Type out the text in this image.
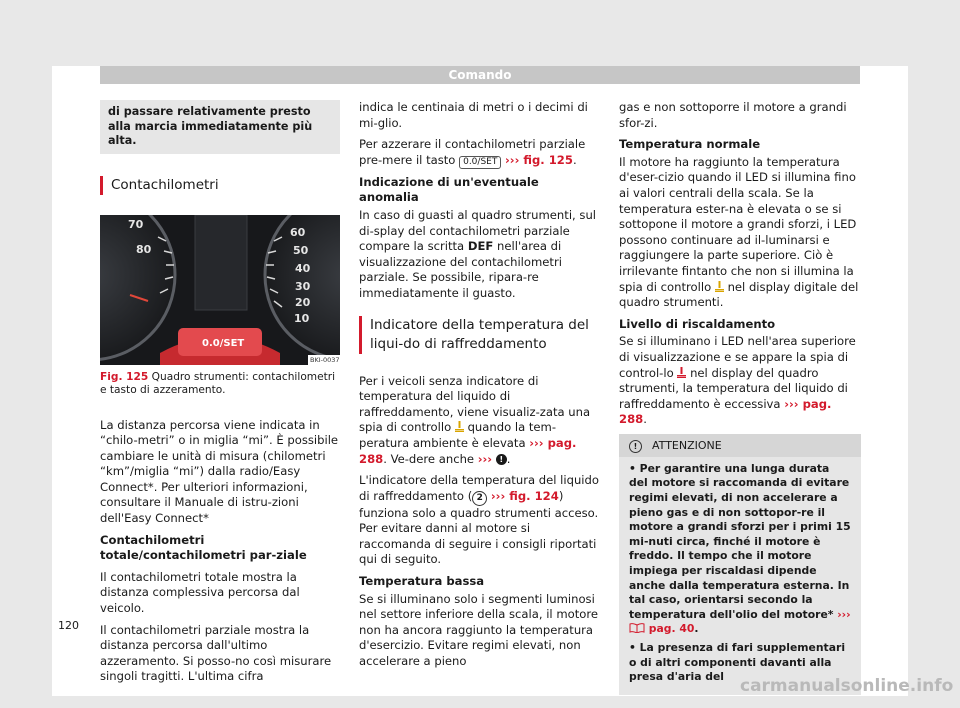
Comando
di passare relativamente presto alla marcia immediatamente più alta.
Contachilometri
70
80
60
50
40
30
20
10
0.0/SET
BKI-0037
Fig. 125 Quadro strumenti: contachilometri e tasto di azzeramento.

La distanza percorsa viene indicata in “chilo-metri” o in miglia “mi”. È possibile cambiare le unità di misura (chilometri “km”/miglia “mi”) dalla radio/Easy Connect*. Per ulteriori informazioni, consultare il Manuale di istru-zioni dell'Easy Connect*

Contachilometri totale/contachilometri par-ziale

Il contachilometri totale mostra la distanza complessiva percorsa dal veicolo.

Il contachilometri parziale mostra la distanza percorsa dall'ultimo azzeramento. Si posso-no così misurare singoli tragitti. L'ultima cifra

indica le centinaia di metri o i decimi di mi-glio.

Per azzerare il contachilometri parziale pre-mere il tasto 0.0/SET ››› fig. 125.

Indicazione di un'eventuale anomalia

In caso di guasti al quadro strumenti, sul di-splay del contachilometri parziale compare la scritta DEF nell'area di visualizzazione del contachilometri parziale. Se possibile, ripara-re immediatamente il guasto.

Indicatore della temperatura del liqui-do di raffreddamento

Per i veicoli senza indicatore di temperatura del liquido di raffreddamento, viene visualiz-zata una spia di controllo quando la tem-peratura ambiente è elevata ››› pag. 288. Ve-dere anche ››› ! .

L'indicatore della temperatura del liquido di raffreddamento ( 2 ››› fig. 124) funziona solo a quadro strumenti acceso. Per evitare danni al motore si raccomanda di seguire i consigli riportati qui di seguito.

Temperatura bassa

Se si illuminano solo i segmenti luminosi nel settore inferiore della scala, il motore non ha ancora raggiunto la temperatura d'esercizio. Evitare regimi elevati, non accelerare a pieno

gas e non sottoporre il motore a grandi sfor-zi.

Temperatura normale

Il motore ha raggiunto la temperatura d'eser-cizio quando il LED si illumina fino ai valori centrali della scala. Se la temperatura ester-na è elevata o se si sottopone il motore a grandi sforzi, i LED possono continuare ad il-luminarsi e raggiungere la parte superiore. Ciò è irrilevante fintanto che non si illumina la spia di controllo nel display digitale del quadro strumenti.

Livello di riscaldamento

Se si illuminano i LED nell'area superiore di visualizzazione e se appare la spia di control-lo nel display del quadro strumenti, la temperatura del liquido di raffreddamento è eccessiva ››› pag. 288.

! ATTENZIONE

• Per garantire una lunga durata del motore si raccomanda di evitare regimi elevati, di non accelerare a pieno gas e di non sottopor-re il motore a grandi sforzi per i primi 15 mi-nuti circa, finché il motore è freddo. Il tempo che il motore impiega per riscaldasi dipende anche dalla temperatura esterna. In tal caso, orientarsi secondo la temperatura dell'olio del motore* ›››  pag. 40.

• La presenza di fari supplementari o di altri componenti davanti alla presa d'aria del

120
carmanualsonline.info
